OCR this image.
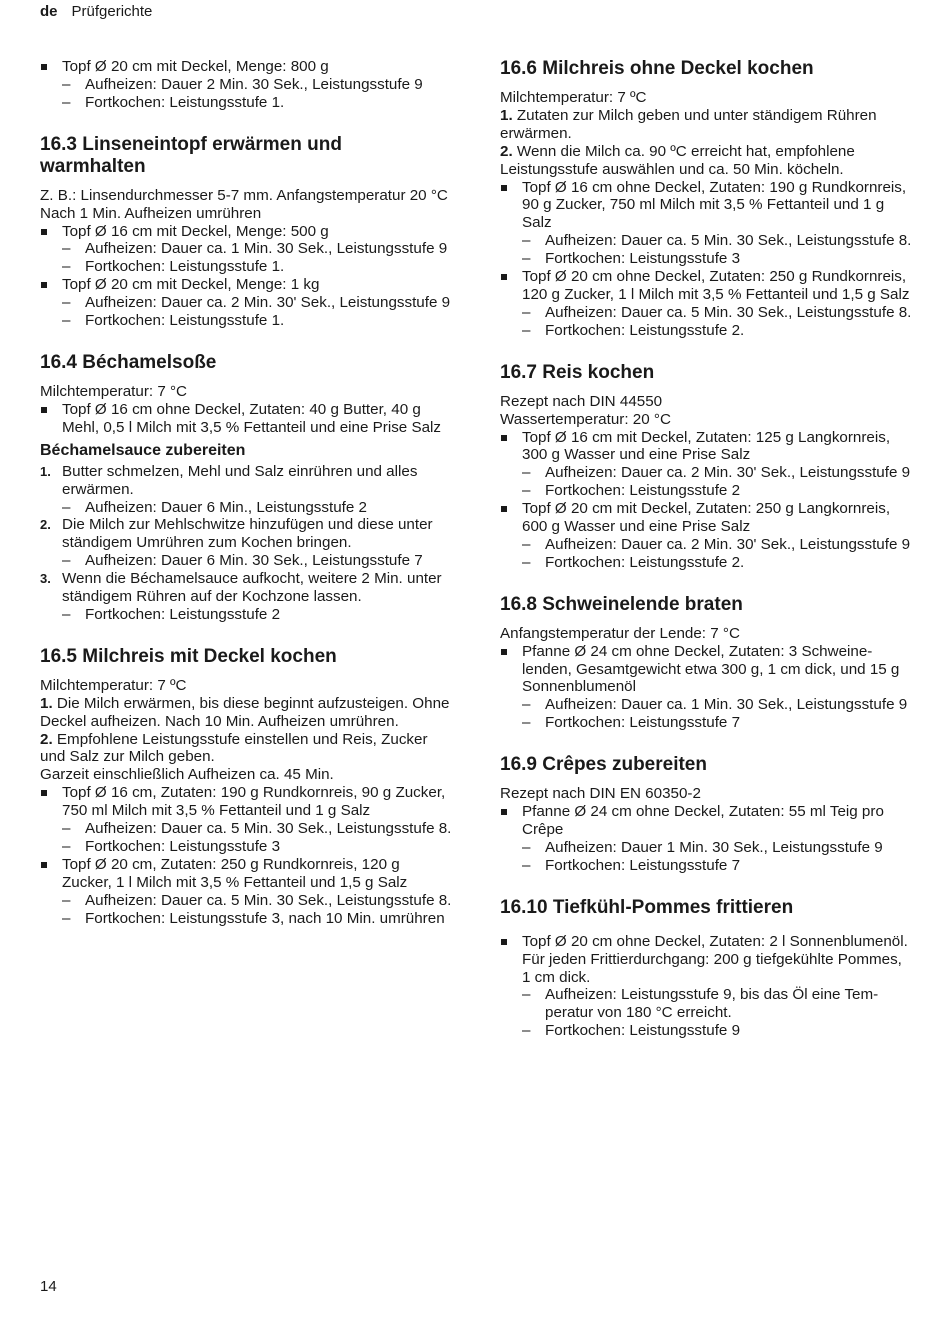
de Prüfgerichte
Topf Ø 20 cm mit Deckel, Menge: 800 g
– Aufheizen: Dauer 2 Min. 30 Sek., Leistungsstufe 9
– Fortkochen: Leistungsstufe 1.
16.3 Linseneintopf erwärmen und warmhalten

Z. B.: Linsendurchmesser 5-7 mm. Anfangstemperatur 20 °C

Nach 1 Min. Aufheizen umrühren

Topf Ø 16 cm mit Deckel, Menge: 500 g
– Aufheizen: Dauer ca. 1 Min. 30 Sek., Leistungsstufe 9
– Fortkochen: Leistungsstufe 1.
Topf Ø 20 cm mit Deckel, Menge: 1 kg
– Aufheizen: Dauer ca. 2 Min. 30' Sek., Leistungsstufe 9
– Fortkochen: Leistungsstufe 1.
16.4 Béchamelsoße

Milchtemperatur: 7 °C

Topf Ø 16 cm ohne Deckel, Zutaten: 40 g Butter, 40 g Mehl, 0,5 l Milch mit 3,5 % Fettanteil und eine Prise Salz
Béchamelsauce zubereiten
1. Butter schmelzen, Mehl und Salz einrühren und alles erwärmen.
– Aufheizen: Dauer 6 Min., Leistungsstufe 2
2. Die Milch zur Mehlschwitze hinzufügen und diese unter ständigem Umrühren zum Kochen bringen.
– Aufheizen: Dauer 6 Min. 30 Sek., Leistungsstufe 7
3. Wenn die Béchamelsauce aufkocht, weitere 2 Min. unter ständigem Rühren auf der Kochzone lassen.
– Fortkochen: Leistungsstufe 2
16.5 Milchreis mit Deckel kochen

Milchtemperatur: 7 ºC

1. Die Milch erwärmen, bis diese beginnt aufzusteigen. Ohne Deckel aufheizen. Nach 10 Min. Aufheizen umrühren.

2. Empfohlene Leistungsstufe einstellen und Reis, Zucker und Salz zur Milch geben.

Garzeit einschließlich Aufheizen ca. 45 Min.

Topf Ø 16 cm, Zutaten: 190 g Rundkornreis, 90 g Zucker, 750 ml Milch mit 3,5 % Fettanteil und 1 g Salz
– Aufheizen: Dauer ca. 5 Min. 30 Sek., Leistungsstufe 8.
– Fortkochen: Leistungsstufe 3
Topf Ø 20 cm, Zutaten: 250 g Rundkornreis, 120 g Zucker, 1 l Milch mit 3,5 % Fettanteil und 1,5 g Salz
– Aufheizen: Dauer ca. 5 Min. 30 Sek., Leistungsstufe 8.
– Fortkochen: Leistungsstufe 3, nach 10 Min. umrühren
16.6 Milchreis ohne Deckel kochen

Milchtemperatur: 7 ºC

1. Zutaten zur Milch geben und unter ständigem Rühren erwärmen.

2. Wenn die Milch ca. 90 ºC erreicht hat, empfohlene Leistungsstufe auswählen und ca. 50 Min. köcheln.

Topf Ø 16 cm ohne Deckel, Zutaten: 190 g Rundkornreis, 90 g Zucker, 750 ml Milch mit 3,5 % Fettanteil und 1 g Salz
– Aufheizen: Dauer ca. 5 Min. 30 Sek., Leistungsstufe 8.
– Fortkochen: Leistungsstufe 3
Topf Ø 20 cm ohne Deckel, Zutaten: 250 g Rundkornreis, 120 g Zucker, 1 l Milch mit 3,5 % Fettanteil und 1,5 g Salz
– Aufheizen: Dauer ca. 5 Min. 30 Sek., Leistungsstufe 8.
– Fortkochen: Leistungsstufe 2.
16.7 Reis kochen

Rezept nach DIN 44550

Wassertemperatur: 20 °C

Topf Ø 16 cm mit Deckel, Zutaten: 125 g Langkornreis, 300 g Wasser und eine Prise Salz
– Aufheizen: Dauer ca. 2 Min. 30' Sek., Leistungsstufe 9
– Fortkochen: Leistungsstufe 2
Topf Ø 20 cm mit Deckel, Zutaten: 250 g Langkornreis, 600 g Wasser und eine Prise Salz
– Aufheizen: Dauer ca. 2 Min. 30' Sek., Leistungsstufe 9
– Fortkochen: Leistungsstufe 2.
16.8 Schweinelende braten

Anfangstemperatur der Lende: 7 °C

Pfanne Ø 24 cm ohne Deckel, Zutaten: 3 Schweinelenden, Gesamtgewicht etwa 300 g, 1 cm dick, und 15 g Sonnenblumenöl
– Aufheizen: Dauer ca. 1 Min. 30 Sek., Leistungsstufe 9
– Fortkochen: Leistungsstufe 7
16.9 Crêpes zubereiten

Rezept nach DIN EN 60350-2

Pfanne Ø 24 cm ohne Deckel, Zutaten: 55 ml Teig pro Crêpe
– Aufheizen: Dauer 1 Min. 30 Sek., Leistungsstufe 9
– Fortkochen: Leistungsstufe 7
16.10 Tiefkühl-Pommes frittieren
Topf Ø 20 cm ohne Deckel, Zutaten: 2 l Sonnenblumenöl. Für jeden Frittierdurchgang: 200 g tiefgekühlte Pommes, 1 cm dick.
– Aufheizen: Leistungsstufe 9, bis das Öl eine Temperatur von 180 °C erreicht.
– Fortkochen: Leistungsstufe 9
14
